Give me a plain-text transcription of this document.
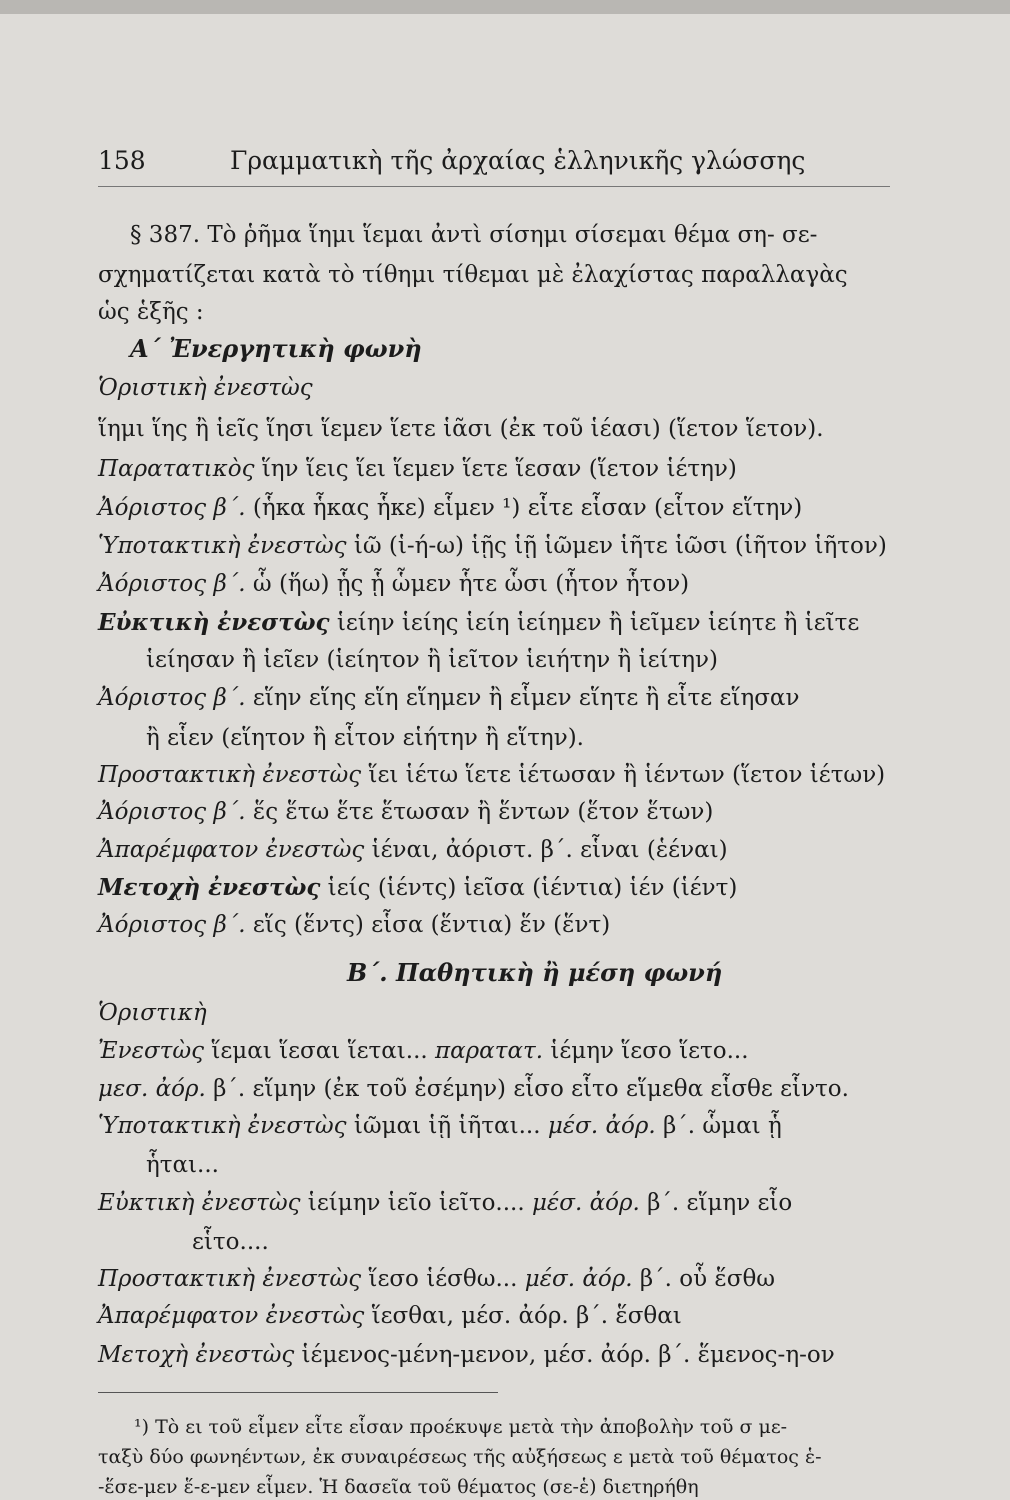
158	Γραμματικὴ τῆς ἀρχαίας ἑλληνικῆς γλώσσης
§ 387. Τὸ ῥῆμα ἵημι ἵεμαι ἀντὶ σίσημι σίσεμαι θέμα ση- σε-
σχηματίζεται κατὰ τὸ τίθημι τίθεμαι μὲ ἐλαχίστας παραλλαγὰς
ὡς ἑξῆς :
Α΄ Ἐνεργητικὴ φωνὴ
Ὁριστικὴ ἐνεστὼς
ἵημι ἵης ἢ ἱεῖς ἵησι ἵεμεν ἵετε ἱᾶσι (ἐκ τοῦ ἱέασι) (ἵετον ἵετον).
Παρατατικὸς ἵην ἵεις ἵει ἵεμεν ἵετε ἵεσαν (ἵετον ἱέτην)
Ἀόριστος β΄. (ἧκα ἧκας ἧκε) εἷμεν ¹) εἷτε εἷσαν (εἷτον εἵτην)
Ὑποτακτικὴ ἐνεστὼς ἱῶ (ἱ-ή-ω) ἱῇς ἱῇ ἱῶμεν ἱῆτε ἱῶσι (ἱῆτον ἱῆτον)
Ἀόριστος β΄. ὧ (ἥω) ᾗς ᾗ ὧμεν ἧτε ὧσι (ἧτον ἧτον)
Εὐκτικὴ ἐνεστὼς ἱείην ἱείης ἱείη ἱείημεν ἢ ἱεῖμεν ἱείητε ἢ ἱεῖτε
ἱείησαν ἢ ἱεῖεν (ἱείητον ἢ ἱεῖτον ἱειήτην ἢ ἱείτην)
Ἀόριστος β΄. εἵην εἵης εἵη εἵημεν ἢ εἷμεν εἵητε ἢ εἷτε εἵησαν
ἢ εἷεν (εἵητον ἢ εἷτον εἱήτην ἢ εἵτην).
Προστακτικὴ ἐνεστὼς ἵει ἱέτω ἵετε ἱέτωσαν ἢ ἱέντων (ἵετον ἱέτων)
Ἀόριστος β΄. ἕς ἕτω ἕτε ἕτωσαν ἢ ἕντων (ἕτον ἕτων)
Ἀπαρέμφατον ἐνεστὼς ἱέναι, ἀόριστ. β΄. εἷναι (ἑέναι)
Μετοχὴ ἐνεστὼς ἱείς (ἱέντς) ἱεῖσα (ἱέντια) ἱέν (ἱέντ)
Ἀόριστος β΄. εἵς (ἕντς) εἷσα (ἕντια) ἕν (ἕντ)
Β΄. Παθητικὴ ἢ μέση φωνή
Ὁριστικὴ
Ἐνεστὼς ἵεμαι ἵεσαι ἵεται... παρατατ. ἱέμην ἵεσο ἵετο...
μεσ. ἀόρ. β΄. εἵμην (ἐκ τοῦ ἐσέμην) εἷσο εἷτο εἵμεθα εἷσθε εἷντο.
Ὑποτακτικὴ ἐνεστὼς ἱῶμαι ἱῇ ἱῆται... μέσ. ἀόρ. β΄. ὧμαι ᾗ
ἧται...
Εὐκτικὴ ἐνεστὼς ἱείμην ἱεῖο ἱεῖτο.... μέσ. ἀόρ. β΄. εἵμην εἷο
εἷτο....
Προστακτικὴ ἐνεστὼς ἵεσο ἱέσθω... μέσ. ἀόρ. β΄. οὗ ἕσθω
Ἀπαρέμφατον ἐνεστὼς ἵεσθαι, μέσ. ἀόρ. β΄. ἕσθαι
Μετοχὴ ἐνεστὼς ἱέμενος-μένη-μενον, μέσ. ἀόρ. β΄. ἕμενος-η-ον
¹) Τὸ ει τοῦ εἷμεν εἷτε εἷσαν προέκυψε μετὰ τὴν ἀποβολὴν τοῦ σ με-
ταξὺ δύο φωνηέντων, ἐκ συναιρέσεως τῆς αὐξήσεως ε μετὰ τοῦ θέματος ἑ-
-ἕσε-μεν ἕ-ε-μεν εἷμεν. Ἡ δασεῖα τοῦ θέματος (σε-ἑ) διετηρήθη
